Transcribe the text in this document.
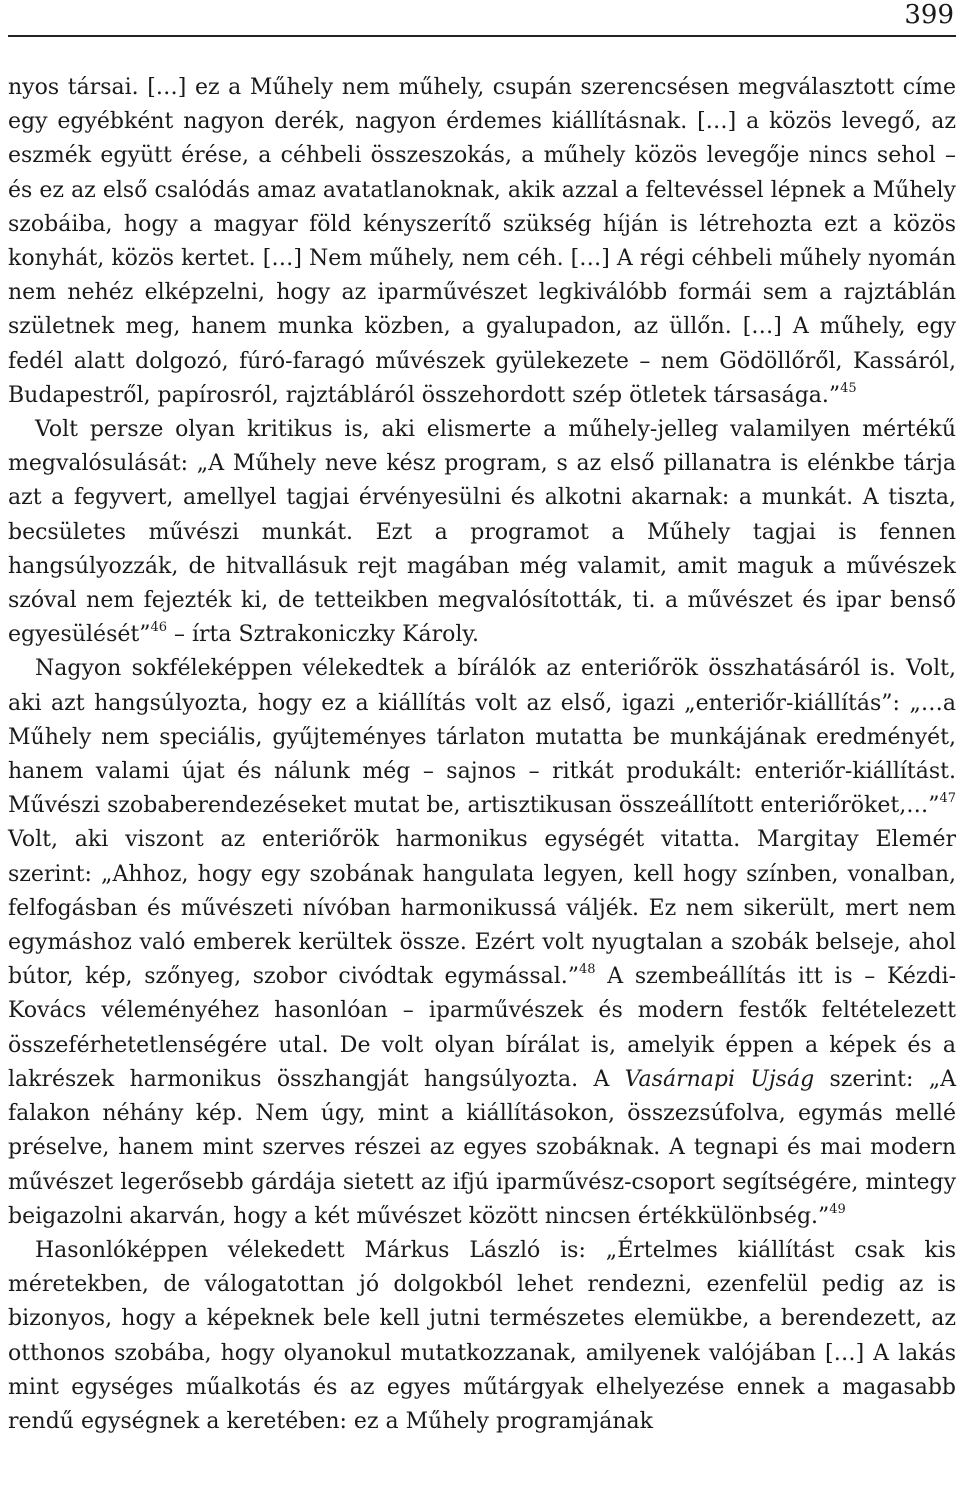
399

nyos társai. […] ez a Műhely nem műhely, csupán szerencsésen megválasztott címe egy egyébként nagyon derék, nagyon érdemes kiállításnak. […] a közös levegő, az eszmék együtt érése, a céhbeli összeszokás, a műhely közös levegője nincs sehol – és ez az első csalódás amaz avatatlanoknak, akik azzal a feltevéssel lépnek a Műhely szobáiba, hogy a magyar föld kényszerítő szükség híján is létrehozta ezt a közös konyhát, közös kertet. […] Nem műhely, nem céh. […] A régi céhbeli műhely nyomán nem nehéz elképzelni, hogy az iparművészet legkiválóbb formái sem a rajztáblán születnek meg, hanem munka közben, a gyalupadon, az üllőn. […] A műhely, egy fedél alatt dolgozó, fúró-faragó művészek gyülekezete – nem Gödöllőről, Kassáról, Budapestről, papírosról, rajztábláról összehordott szép ötletek társasága.”$^{45}$

Volt persze olyan kritikus is, aki elismerte a műhely-jelleg valamilyen mértékű megvalósulását: „A Műhely neve kész program, s az első pillanatra is elénkbe tárja azt a fegyvert, amellyel tagjai érvényesülni és alkotni akarnak: a munkát. A tiszta, becsületes művészi munkát. Ezt a programot a Műhely tagjai is fennen hangsúlyozzák, de hitvallásuk rejt magában még valamit, amit maguk a művészek szóval nem fejezték ki, de tetteikben megvalósították, ti. a művészet és ipar benső egyesülését”$^{46}$ – írta Sztrakoniczky Károly.

Nagyon sokféleképpen vélekedtek a bírálók az enteriőrök összhatásáról is. Volt, aki azt hangsúlyozta, hogy ez a kiállítás volt az első, igazi „enteriőr-kiállítás”: „…a Műhely nem speciális, gyűjteményes tárlaton mutatta be munkájának eredményét, hanem valami újat és nálunk még – sajnos – ritkát produkált: enteriőr-kiállítást. Művészi szobaberendezéseket mutat be, artisztikusan összeállított enteriőröket,…”$^{47}$ Volt, aki viszont az enteriőrök harmonikus egységét vitatta. Margitay Elemér szerint: „Ahhoz, hogy egy szobának hangulata legyen, kell hogy színben, vonalban, felfogásban és művészeti nívóban harmonikussá váljék. Ez nem sikerült, mert nem egymáshoz való emberek kerültek össze. Ezért volt nyugtalan a szobák belseje, ahol bútor, kép, szőnyeg, szobor civódtak egymással.”$^{48}$ A szembeállítás itt is – Kézdi-Kovács véleményéhez hasonlóan – iparművészek és modern festők feltételezett összeférhetetlenségére utal. De volt olyan bírálat is, amelyik éppen a képek és a lakrészek harmonikus összhangját hangsúlyozta. A Vasárnapi Ujság szerint: „A falakon néhány kép. Nem úgy, mint a kiállításokon, összezsúfolva, egymás mellé préselve, hanem mint szerves részei az egyes szobáknak. A tegnapi és mai modern művészet legerősebb gárdája sietett az ifjú iparművész-csoport segítségére, mintegy beigazolni akarván, hogy a két művészet között nincsen értékkülönbség.”$^{49}$

Hasonlóképpen vélekedett Márkus László is: „Értelmes kiállítást csak kis méretekben, de válogatottan jó dolgokból lehet rendezni, ezenfelül pedig az is bizonyos, hogy a képeknek bele kell jutni természetes elemükbe, a berendezett, az otthonos szobába, hogy olyanokul mutatkozzanak, amilyenek valójában […] A lakás mint egységes műalkotás és az egyes műtárgyak elhelyezése ennek a magasabb rendű egységnek a keretében: ez a Műhely programjának
